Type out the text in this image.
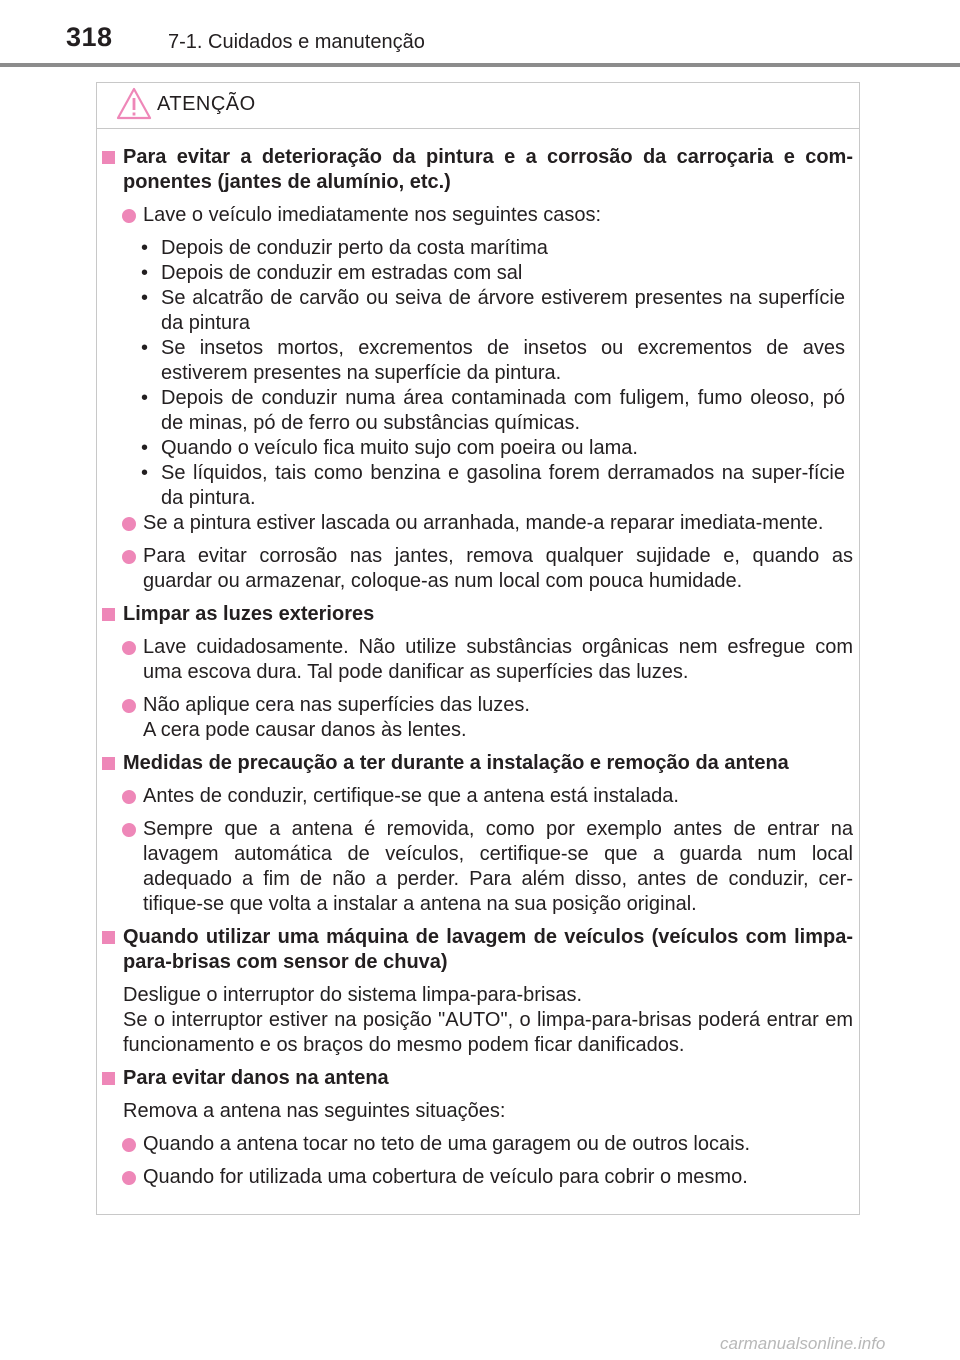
318	7-1. Cuidados e manutenção
ATENÇÃO
Para evitar a deterioração da pintura e a corrosão da carroçaria e com-ponentes (jantes de alumínio, etc.)
Lave o veículo imediatamente nos seguintes casos:
• Depois de conduzir perto da costa marítima
• Depois de conduzir em estradas com sal
• Se alcatrão de carvão ou seiva de árvore estiverem presentes na superfície da pintura
• Se insetos mortos, excrementos de insetos ou excrementos de aves estiverem presentes na superfície da pintura.
• Depois de conduzir numa área contaminada com fuligem, fumo oleoso, pó de minas, pó de ferro ou substâncias químicas.
• Quando o veículo fica muito sujo com poeira ou lama.
• Se líquidos, tais como benzina e gasolina forem derramados na super-fície da pintura.
Se a pintura estiver lascada ou arranhada, mande-a reparar imediata-mente.
Para evitar corrosão nas jantes, remova qualquer sujidade e, quando as guardar ou armazenar, coloque-as num local com pouca humidade.
Limpar as luzes exteriores
Lave cuidadosamente. Não utilize substâncias orgânicas nem esfregue com uma escova dura. Tal pode danificar as superfícies das luzes.
Não aplique cera nas superfícies das luzes.
A cera pode causar danos às lentes.
Medidas de precaução a ter durante a instalação e remoção da antena
Antes de conduzir, certifique-se que a antena está instalada.
Sempre que a antena é removida, como por exemplo antes de entrar na lavagem automática de veículos, certifique-se que a guarda num local adequado a fim de não a perder. Para além disso, antes de conduzir, cer-tifique-se que volta a instalar a antena na sua posição original.
Quando utilizar uma máquina de lavagem de veículos (veículos com limpa-para-brisas com sensor de chuva)
Desligue o interruptor do sistema limpa-para-brisas.
Se o interruptor estiver na posição "AUTO", o limpa-para-brisas poderá entrar em funcionamento e os braços do mesmo podem ficar danificados.
Para evitar danos na antena
Remova a antena nas seguintes situações:
Quando a antena tocar no teto de uma garagem ou de outros locais.
Quando for utilizada uma cobertura de veículo para cobrir o mesmo.
carmanualsonline.info
